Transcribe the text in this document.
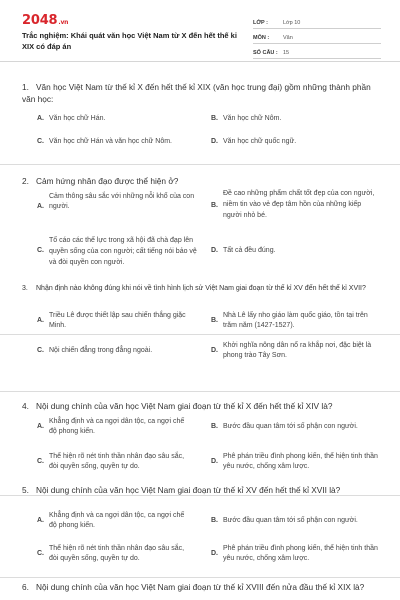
2048.vn
Trắc nghiệm: Khái quát văn học Việt Nam từ X đến hết thế kỉ XIX có đáp án
LỚP :	Lớp 10
MÔN :	Văn
SỐ CÂU : 15
1. Văn học Việt Nam từ thế kỉ X đến hết thế kỉ XIX (văn học trung đại) gồm những thành phần văn học:
A. Văn học chữ Hán.	B. Văn học chữ Nôm.
C. Văn học chữ Hán và văn học chữ Nôm.	D. Văn học chữ quốc ngữ.
2. Cảm hứng nhân đạo được thể hiện ở?
A.
Cảm thông sâu sắc với những nỗi khổ của con người.	B.
Đề cao những phẩm chất tốt đẹp của con người, niềm tin vào vẻ đẹp tâm hồn của những kiếp người nhỏ bé.
C.
Tố cáo các thế lực trong xã hội đã chà đạp lên quyền sống của con người; cất tiếng nói bảo vệ và đòi quyền con người.
D. Tất cả đều đúng.
3. Nhận định nào không đúng khi nói về tình hình lịch sử Việt Nam giai đoạn từ thế kỉ XV đến hết thế kỉ XVII?
A.
Triều Lê được thiết lập sau chiến thắng giặc Minh.
B.
Nhà Lê lấy nho giáo làm quốc giáo, tồn tại trên trăm năm (1427-1527).
C. Nội chiến đẳng trong đẳng ngoài.	D.
Khởi nghĩa nông dân nổ ra khắp nơi, đặc biệt là phong trào Tây Sơn.
4. Nội dung chính của văn học Việt Nam giai đoạn từ thế kỉ X đến hết thế kỉ XIV là?
A.
Khẳng định và ca ngợi dân tộc, ca ngợi chế độ phong kiến.
B. Bước đầu quan tâm tới số phận con người.
C.
Thể hiện rõ nét tinh thần nhân đạo sâu sắc, đòi quyền sống, quyền tự do.
D.
Phê phán triều đình phong kiến, thể hiện tinh thần yêu nước, chống xâm lược.
5. Nội dung chính của văn học Việt Nam giai đoạn từ thế kỉ XV đến hết thế kỉ XVII là?
A.
Khẳng định và ca ngợi dân tộc, ca ngợi chế độ phong kiến.
B. Bước đầu quan tâm tới số phận con người.
C.
Thể hiện rõ nét tinh thần nhân đạo sâu sắc, đòi quyền sống, quyền tự do.
D.
Phê phán triều đình phong kiến, thể hiện tinh thần yêu nước, chống xâm lược.
6. Nội dung chính của văn học Việt Nam giai đoạn từ thế kỉ XVIII đến nửa đầu thế kỉ XIX là?
